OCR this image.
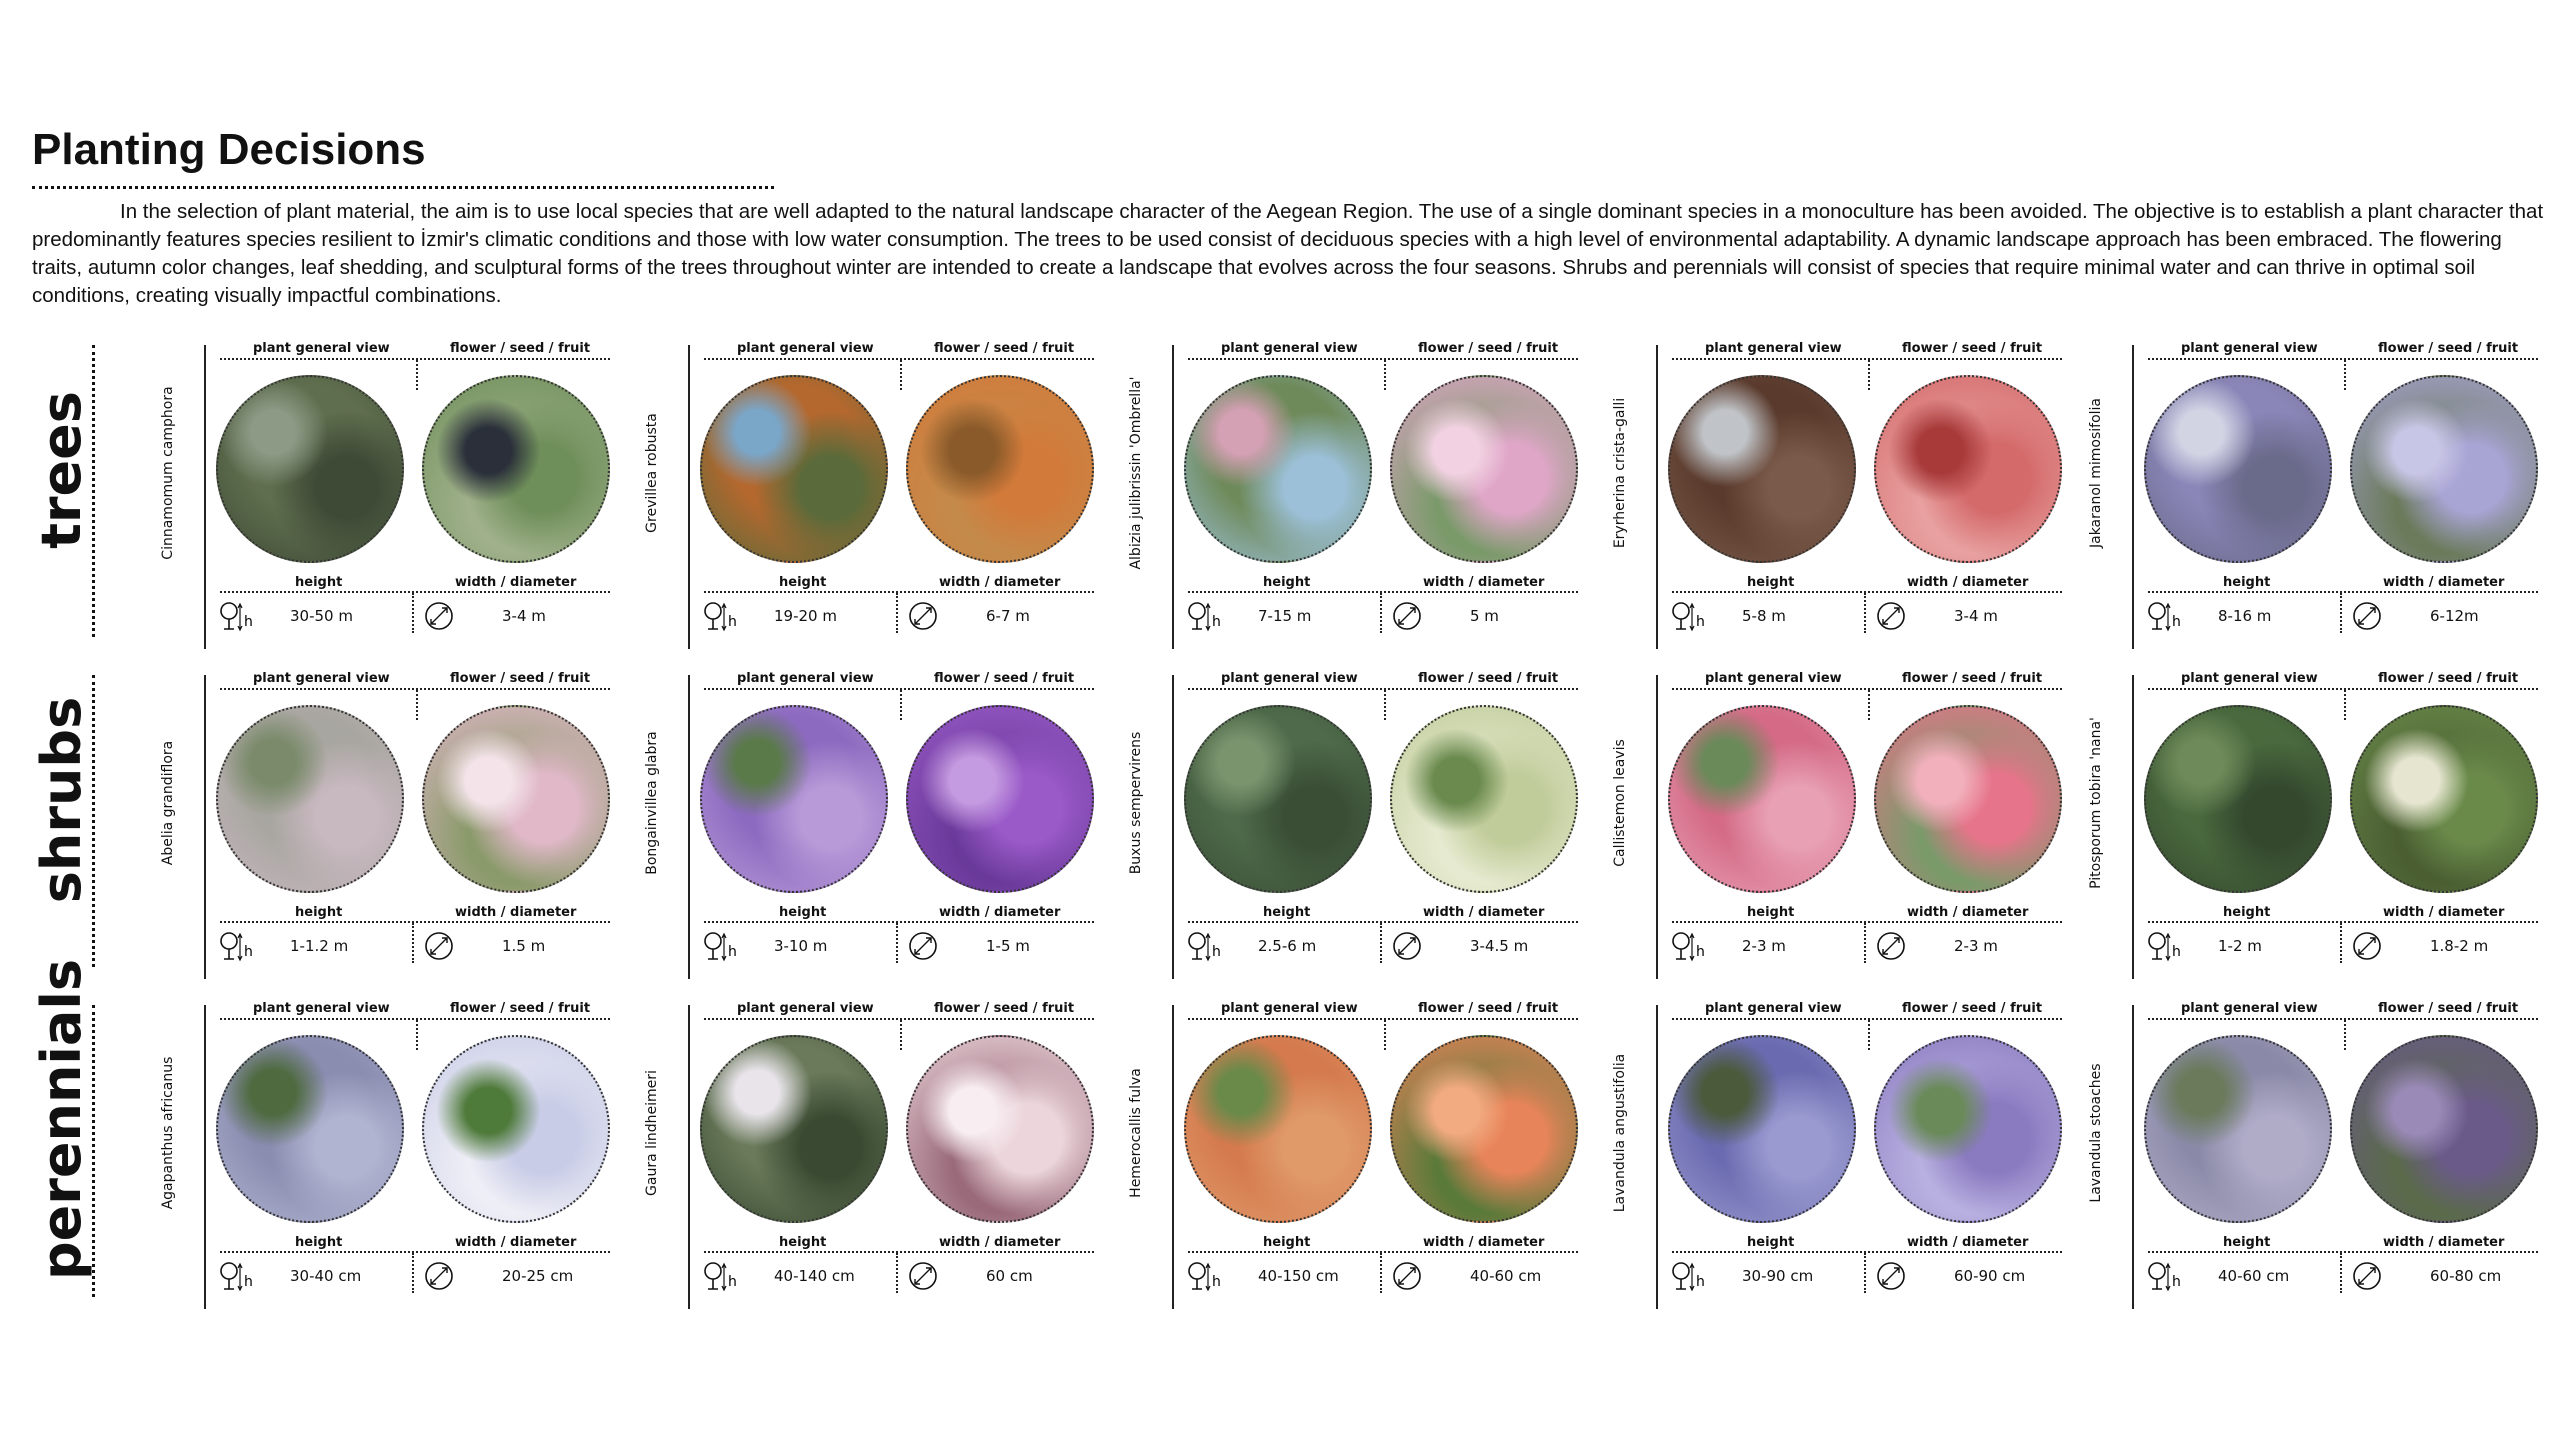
Planting Decisions

In the selection of plant material, the aim is to use local species that are well adapted to the natural landscape character of the Aegean Region. The use of a single dominant species in a monoculture has been avoided. The objective is to establish a plant character that predominantly features species resilient to İzmir's climatic conditions and those with low water consumption. The trees to be used consist of deciduous species with a high level of environmental adaptability. A dynamic landscape approach has been embraced. The flowering traits, autumn color changes, leaf shedding, and sculptural forms of the trees throughout winter are intended to create a landscape that evolves across the four seasons. Shrubs and perennials will consist of species that require minimal water and can thrive in optimal soil conditions, creating visually impactful combinations.

trees	Cinnamomum camphora
plant general view	flower / seed / fruit
height	width / diameter
30-50 m	3-4 m
Grevillea robusta
plant general view	flower / seed / fruit
height	width / diameter
19-20 m	6-7 m
Albizia julibrissin 'Ombrella'
plant general view	flower / seed / fruit
height	width / diameter
7-15 m	5 m
Eryrherina crista-galli
plant general view	flower / seed / fruit
height	width / diameter
5-8 m	3-4 m
Jakaranol mimosifolia
plant general view	flower / seed / fruit
height	width / diameter
8-16 m	6-12m
shrubs	Abelia grandiflora
plant general view	flower / seed / fruit
height	width / diameter
1-1.2 m	1.5 m
Bongainvillea glabra
plant general view	flower / seed / fruit
height	width / diameter
3-10 m	1-5 m
Buxus sempervirens
plant general view	flower / seed / fruit
height	width / diameter
2.5-6 m	3-4.5 m
Callistemon leavis
plant general view	flower / seed / fruit
height	width / diameter
2-3 m	2-3 m
Pitosporum tobira 'nana'
plant general view	flower / seed / fruit
height	width / diameter
1-2 m	1.8-2 m
perennials	Agapanthus africanus
plant general view	flower / seed / fruit
height	width / diameter
30-40 cm	20-25 cm
Gaura lindheimeri
plant general view	flower / seed / fruit
height	width / diameter
40-140 cm	60 cm
Hemerocallis fulva
plant general view	flower / seed / fruit
height	width / diameter
40-150 cm	40-60 cm
Lavandula angustifolia
plant general view	flower / seed / fruit
height	width / diameter
30-90 cm	60-90 cm
Lavandula stoaches
plant general view	flower / seed / fruit
height	width / diameter
40-60 cm	60-80 cm
